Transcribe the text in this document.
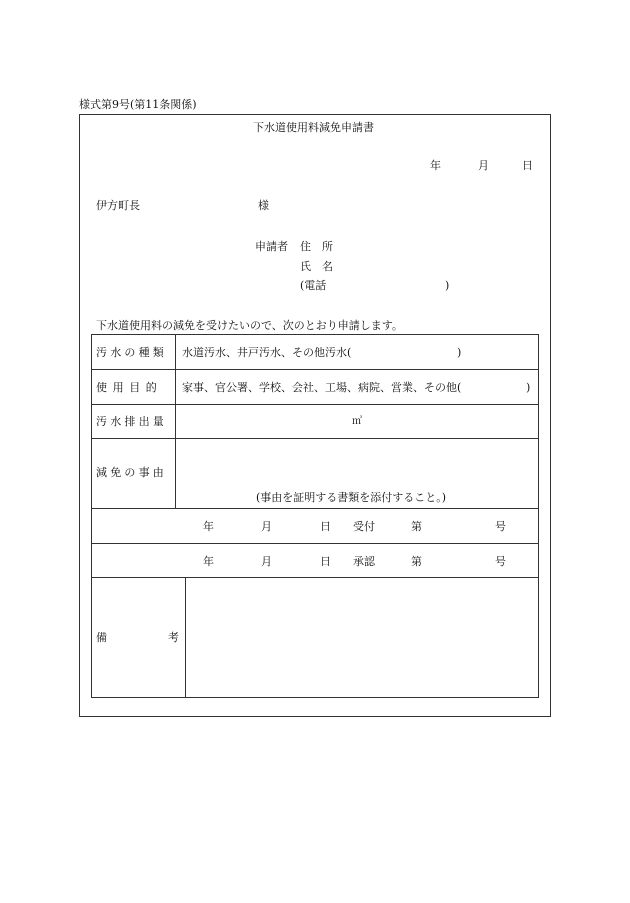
様式第9号(第11条関係)
下水道使用料減免申請書
年	月	日
伊方町長	様
申請者 住　所
氏　名
(電話	)
下水道使用料の減免を受けたいので、次のとおり申請します。
汚水の種類 水道汚水、井戸汚水、その他汚水(	)
使用目的 家事、官公署、学校、会社、工場、病院、営業、その他(	)
汚水排出量	㎥
減免の事由
(事由を証明する書類を添付すること。)
年	月	日 受付	第	号
年	月	日 承認	第	号
備	考
